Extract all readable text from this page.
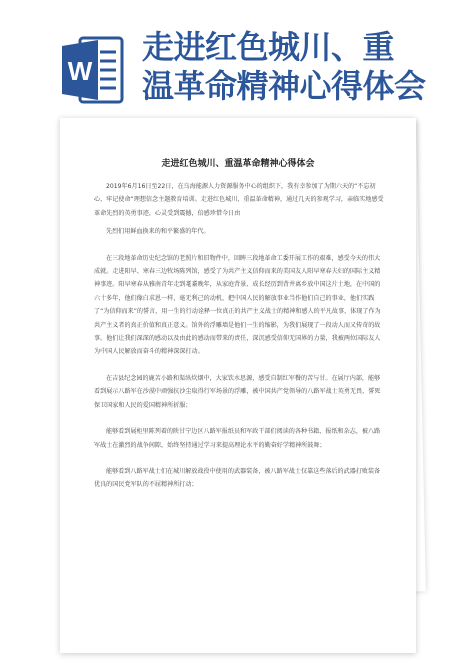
W
走进红色城川、重
温革命精神心得体会
走进红色城川、重温革命精神心得体会

2019年6月16日至22日，在乌海能源人力资源服务中心的组织下，我有幸参加了为期六天的“不忘初心、牢记使命”理想信念主题教育培训。走进红色城川、重温革命精神，通过几天的参观学习，亲临实地感受革命先烈的英勇事迹，心灵受到震撼，倍感珍惜今日由

先烈们用鲜血换来的和平繁盛的年代。

在三段地革命历史纪念馆的老照片和旧物件中，回眸三段地革命工委开展工作的艰难，感受今天的伟大成就。走进阳早、寒春三边牧场陈列馆，感受了为共产主义信仰而来的美国友人阳早寒春夫妇的国际主义精神事迹。阳早寒春从雅南青年走到耄耋晚年，从家庭背景、成长经历到背井离乡放中国这片土地，在中国的六十多年，他们像白求恩一样，毫无利己的动机，把中国人民的解放事业当作他们自己的事业，他们实践了“为信仰而来”的誓言，用一生的行动诠释一位真正的共产主义战士的精神和感人的平凡故事，体现了作为共产主义者的真正价值和真正意义。馆外的浮雕墙是他们一生的缩影，为我们展现了一段动人而又传奇的故事。他们让我们深深的感动以及由此的感动而带来的责任，深沉感受信仰无国界的力量，我被两位国际友人为中国人民解放而奋斗的精神深深打动。

在吉县纪念园的鹿苫小路和渠纵炊烟中，大家饮水思源，感受自制红军餐的苦与甘。在展厅内部，能够看到展示八路军在沙漠中顽强抗沙尘取得行军场景的浮雕，被中国共产党领导的八路军战士英勇无畏、誓死保卫国家和人民的爱国精神所折服；

能够看到展柜里陈列着的陕甘宁边区八路军报纸员和军政干部们阅读的各种书籍、报纸和杂志，被八路军战士在激烈的战争间隙，始终坚持通过学习来提高理论水平的勤奋好学精神所鼓舞；

能够看到八路军战士们在城川解放战役中使用的武器装备，被八路军战士仅靠这些落后的武器打败装备优良的国民党军队的不屈精神所打动；
